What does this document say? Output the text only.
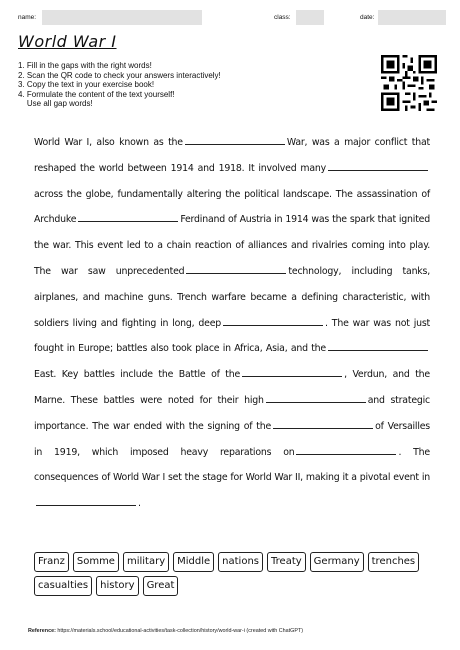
name:	class:	date:
World War I
1. Fill in the gaps with the right words!
2. Scan the QR code to check your answers interactively!
3. Copy the text in your exercise book!
4. Formulate the content of the text yourself!
Use all gap words!

World War I, also known as the	War, was a major conflict that reshaped the world between 1914 and 1918. It involved manyacross the globe, fundamentally altering the political landscape. The assassination of Archduke	Ferdinand of Austria in 1914 was the spark that ignited the war. This event led to a chain reaction of alliances and rivalries coming into play. The war saw unprecedented	technology, including tanks, airplanes, and machine guns. Trench warfare became a defining characteristic, with soldiers living and fighting in long, deep	. The war was not just fought in Europe; battles also took place in Africa, Asia, and theEast. Key battles include the Battle of the	, Verdun, and the Marne. These battles were noted for their high	and strategic importance. The war ended with the signing of the	of Versailles in 1919, which imposed heavy reparations on	. The consequences of World War I set the stage for World War II, making it a pivotal event in.

Franz	Somme	military	Middle	nations	Treaty	Germany	trenches
casualties	history	Great
Reference: https://materials.school/educational-activities/task-collection/history/world-war-i (created with ChatGPT)
